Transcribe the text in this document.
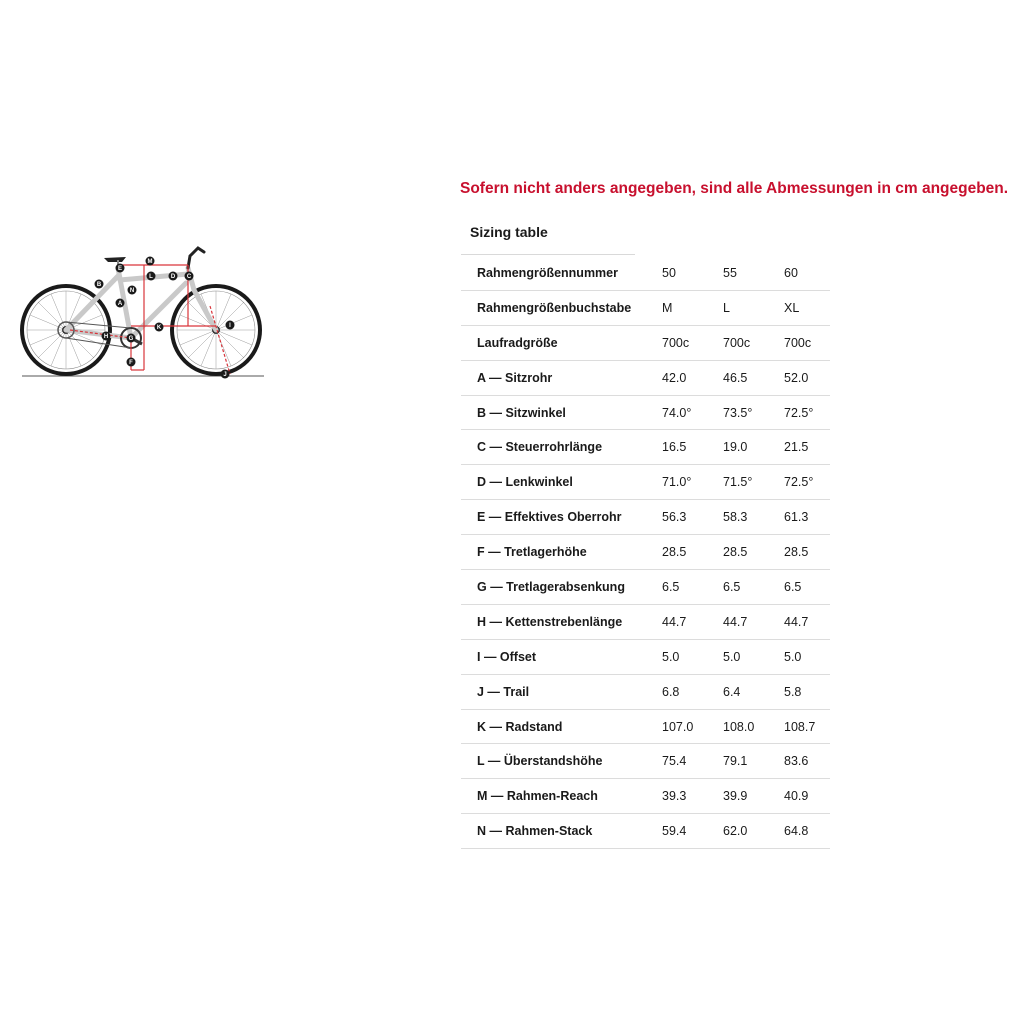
Sofern nicht anders angegeben, sind alle Abmessungen in cm angegeben.
A
B
C
D
E
F
G
H
I
J
K
L
M
N
Sizing table
Rahmengrößennummer	50	55	60
Rahmengrößenbuchstabe	M	L	XL
Laufradgröße	700c	700c	700c
A — Sitzrohr	42.0	46.5	52.0
B — Sitzwinkel	74.0°	73.5°	72.5°
C — Steuerrohrlänge	16.5	19.0	21.5
D — Lenkwinkel	71.0°	71.5°	72.5°
E — Effektives Oberrohr	56.3	58.3	61.3
F — Tretlagerhöhe	28.5	28.5	28.5
G — Tretlagerabsenkung	6.5	6.5	6.5
H — Kettenstrebenlänge	44.7	44.7	44.7
I — Offset	5.0	5.0	5.0
J — Trail	6.8	6.4	5.8
K — Radstand	107.0	108.0	108.7
L — Überstandshöhe	75.4	79.1	83.6
M — Rahmen-Reach	39.3	39.9	40.9
N — Rahmen-Stack	59.4	62.0	64.8
